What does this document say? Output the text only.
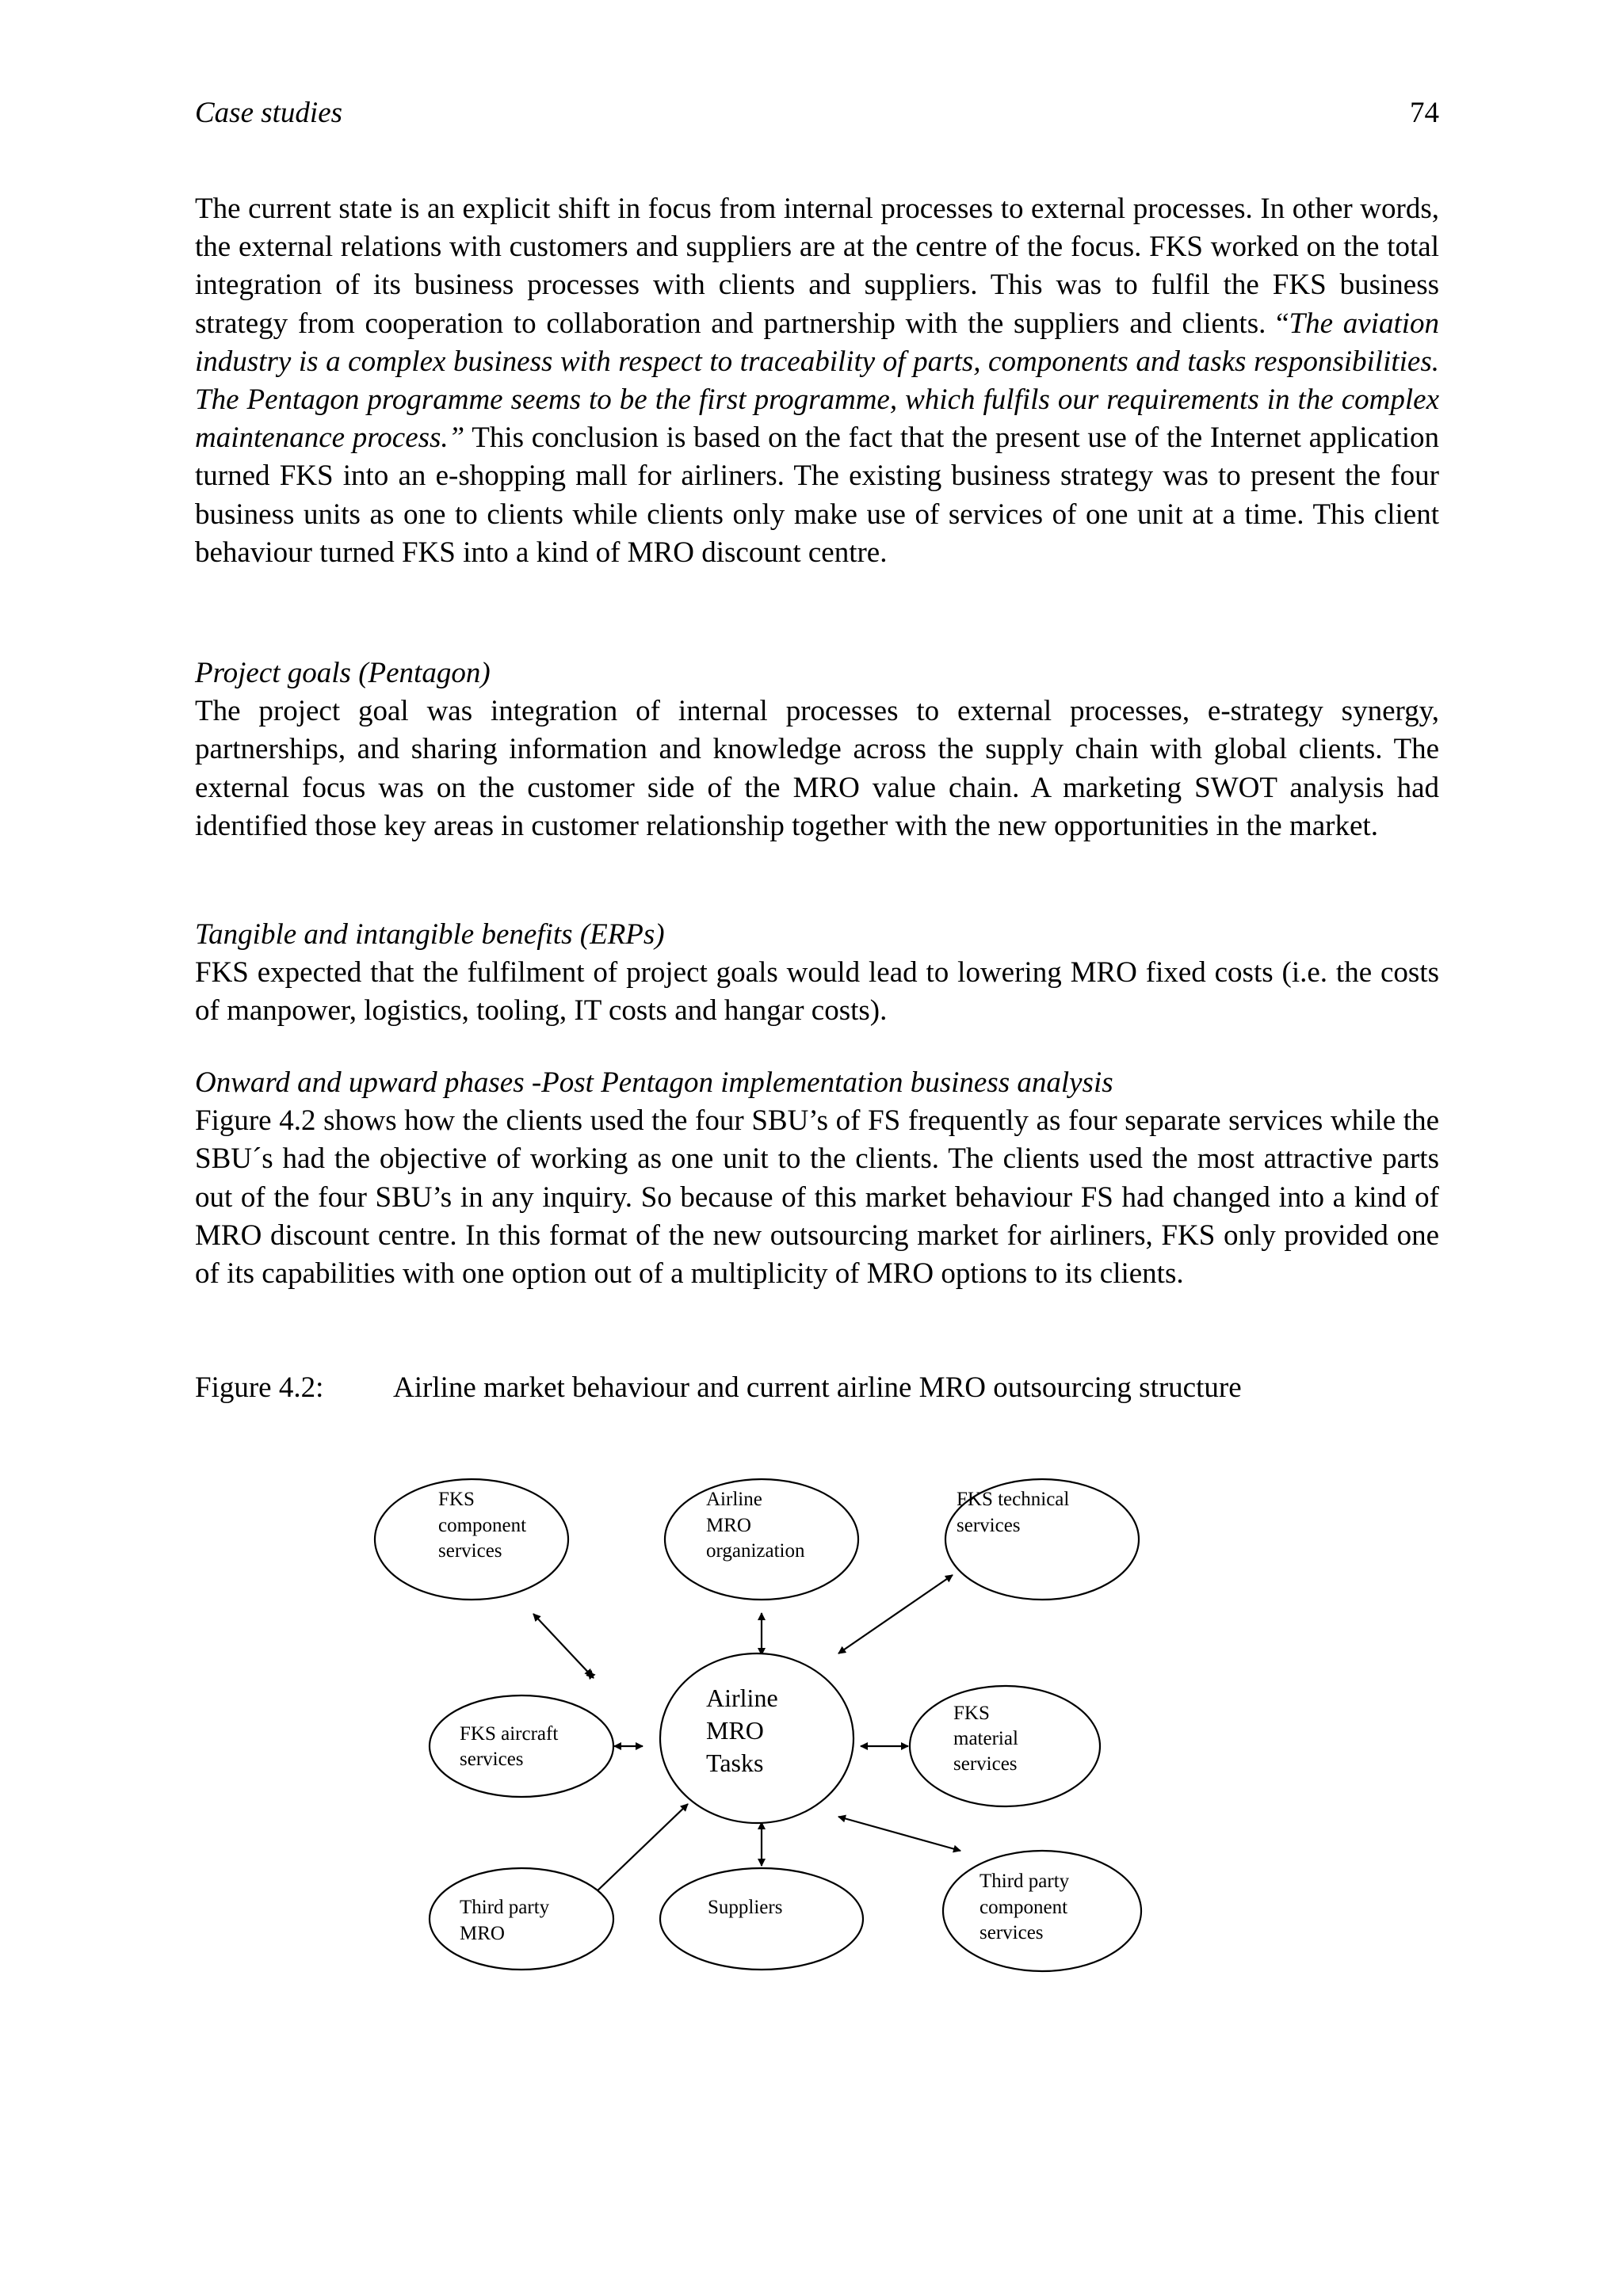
Case studies	74

The current state is an explicit shift in focus from internal processes to external processes. In other words, the external relations with customers and suppliers are at the centre of the focus. FKS worked on the total integration of its business processes with clients and suppliers. This was to fulfil the FKS business strategy from cooperation to collaboration and partnership with the suppliers and clients. “The aviation industry is a complex business with respect to traceability of parts, components and tasks responsibilities. The Pentagon programme seems to be the first programme, which fulfils our requirements in the complex maintenance process.” This conclusion is based on the fact that the present use of the Internet application turned FKS into an e-shopping mall for airliners. The existing business strategy was to present the four business units as one to clients while clients only make use of services of one unit at a time. This client behaviour turned FKS into a kind of MRO discount centre.

Project goals (Pentagon)

The project goal was integration of internal processes to external processes, e-strategy synergy, partnerships, and sharing information and knowledge across the supply chain with global clients. The external focus was on the customer side of the MRO value chain. A marketing SWOT analysis had identified those key areas in customer relationship together with the new opportunities in the market.

Tangible and intangible benefits (ERPs)

FKS expected that the fulfilment of project goals would lead to lowering MRO fixed costs (i.e. the costs of manpower, logistics, tooling, IT costs and hangar costs).

Onward and upward phases -Post Pentagon implementation business analysis

Figure 4.2 shows how the clients used the four SBU’s of FS frequently as four separate services while the SBU´s had the objective of working as one unit to the clients. The clients used the most attractive parts out of the four SBU’s in any inquiry. So because of this market behaviour FS had changed into a kind of MRO discount centre. In this format of the new outsourcing market for airliners, FKS only provided one of its capabilities with one option out of a multiplicity of MRO options to its clients.

Figure 4.2: Airline market behaviour and current airline MRO outsourcing structure
FKS
component
services
Airline
MRO
organization
FKS technical
services
Airline
MRO
Tasks
FKS aircraft
services
FKS
material
services
Third party
MRO
Suppliers
Third party
component
services
